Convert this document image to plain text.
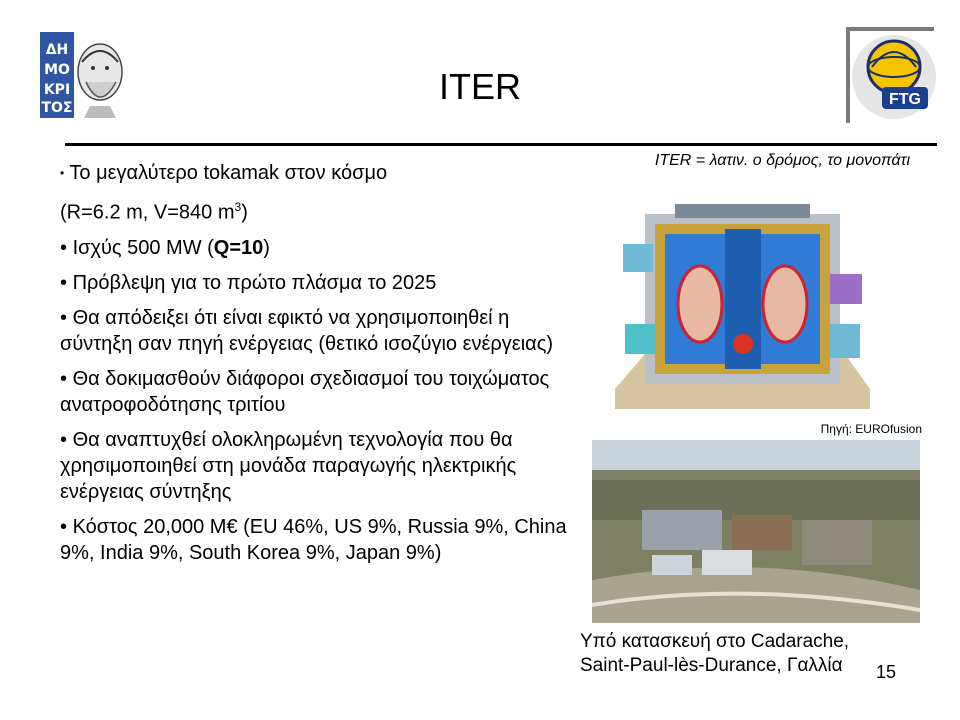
ΔΗ
ΜΟ
ΚΡΙ
ΤΟΣ	FTG
ITER
• Το μεγαλύτερο tokamak στον κόσμο
(R=6.2 m, V=840 $m^3$)
• Ισχύς 500 MW (Q=10)
• Πρόβλεψη για το πρώτο πλάσμα το 2025
• Θα απόδειξει ότι είναι εφικτό να χρησιμοποιηθεί η σύντηξη σαν πηγή ενέργειας (θετικό ισοζύγιο ενέργειας)
• Θα δοκιμασθούν διάφοροι σχεδιασμοί του τοιχώματος ανατροφοδότησης τριτίου
• Θα αναπτυχθεί ολοκληρωμένη τεχνολογία που θα χρησιμοποιηθεί στη μονάδα παραγωγής ηλεκτρικής ενέργειας σύντηξης
• Κόστος 20,000 M€ (EU 46%, US 9%, Russia 9%, China 9%, India 9%, South Korea 9%, Japan 9%)
ITER = λατιν. ο δρόμος, το μονοπάτι
Πηγή: EUROfusion
Υπό κατασκευή στο Cadarache,
Saint-Paul-lès-Durance, Γαλλία	15
